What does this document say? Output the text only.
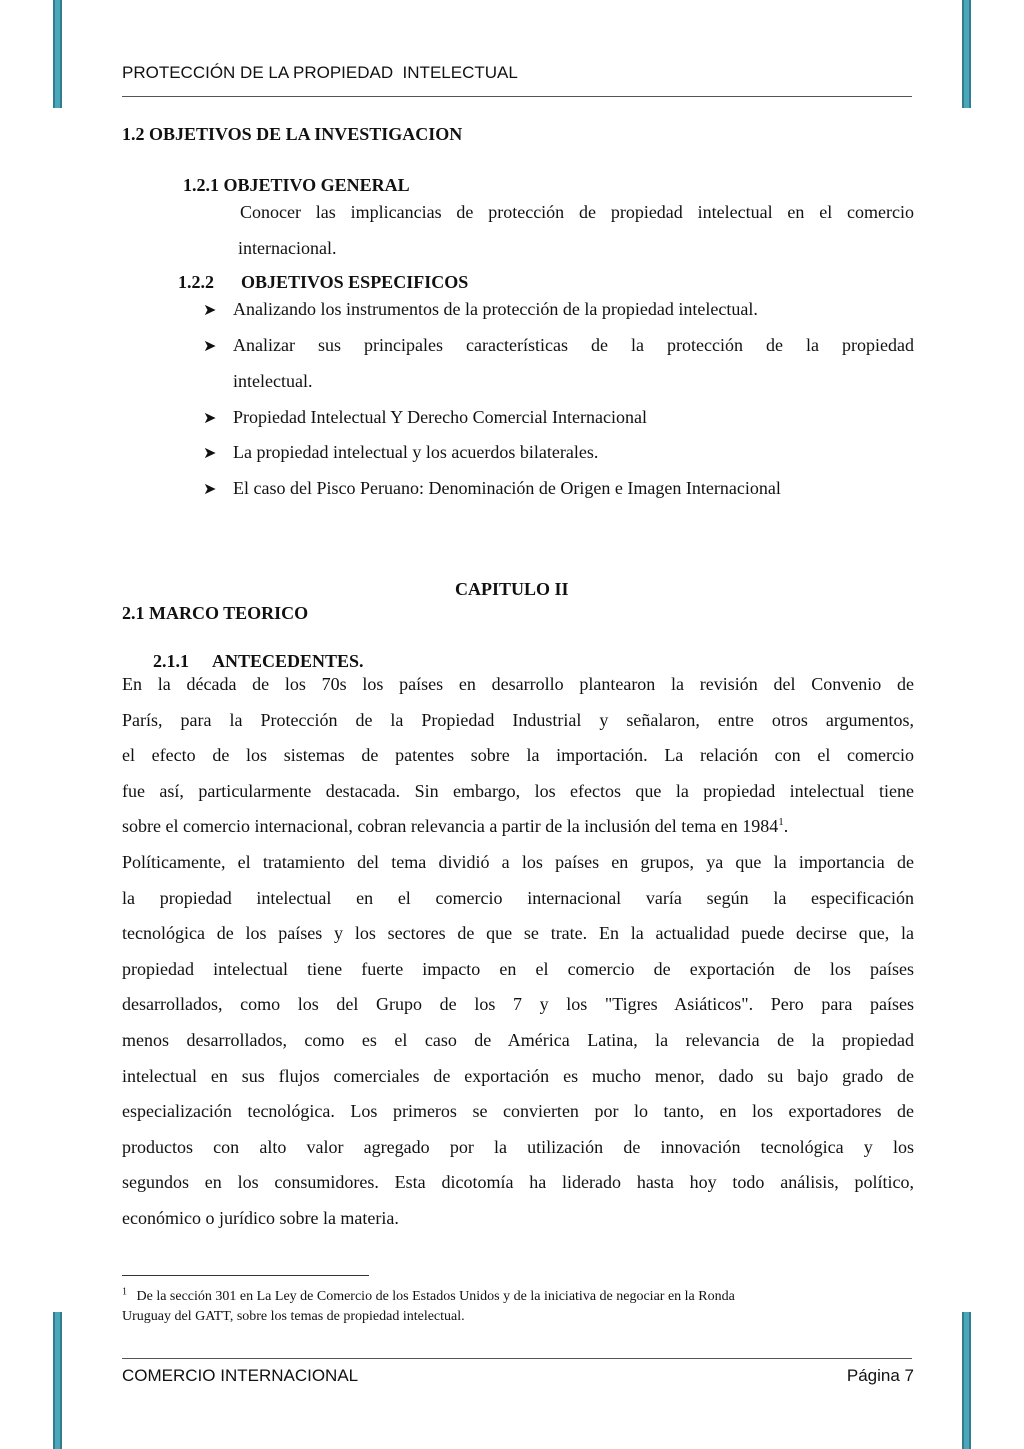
PROTECCIÓN DE LA PROPIEDAD  INTELECTUAL
1.2 OBJETIVOS DE LA INVESTIGACION
1.2.1 OBJETIVO GENERAL
Conocer las implicancias de protección de propiedad intelectual en el comercio
internacional.
1.2.2 OBJETIVOS ESPECIFICOS
➤ Analizando los instrumentos de la protección de la propiedad intelectual.
➤ Analizar sus principales características de la protección de la propiedad
intelectual.
➤ Propiedad Intelectual Y Derecho Comercial Internacional
➤ La propiedad intelectual y los acuerdos bilaterales.
➤ El caso del Pisco Peruano: Denominación de Origen e Imagen Internacional
CAPITULO II
2.1 MARCO TEORICO
2.1.1 ANTECEDENTES.
En la década de los 70s los países en desarrollo plantearon la revisión del Convenio de
París, para la Protección de la Propiedad Industrial y señalaron, entre otros argumentos,
el efecto de los sistemas de patentes sobre la importación. La relación con el comercio
fue así, particularmente destacada. Sin embargo, los efectos que la propiedad intelectual tiene
sobre el comercio internacional, cobran relevancia a partir de la inclusión del tema en 1984$^1$.
Políticamente, el tratamiento del tema dividió a los países en grupos, ya que la importancia de
la propiedad intelectual en el comercio internacional varía según la especificación
tecnológica de los países y los sectores de que se trate. En la actualidad puede decirse que, la
propiedad intelectual tiene fuerte impacto en el comercio de exportación de los países
desarrollados, como los del Grupo de los 7 y los "Tigres Asiáticos". Pero para países
menos desarrollados, como es el caso de América Latina, la relevancia de la propiedad
intelectual en sus flujos comerciales de exportación es mucho menor, dado su bajo grado de
especialización tecnológica. Los primeros se convierten por lo tanto, en los exportadores de
productos con alto valor agregado por la utilización de innovación tecnológica y los
segundos en los consumidores. Esta dicotomía ha liderado hasta hoy todo análisis, político,
económico o jurídico sobre la materia.
$^1$ De la sección 301 en La Ley de Comercio de los Estados Unidos y de la iniciativa de negociar en la Ronda
Uruguay del GATT, sobre los temas de propiedad intelectual.
COMERCIO INTERNACIONAL	Página 7
